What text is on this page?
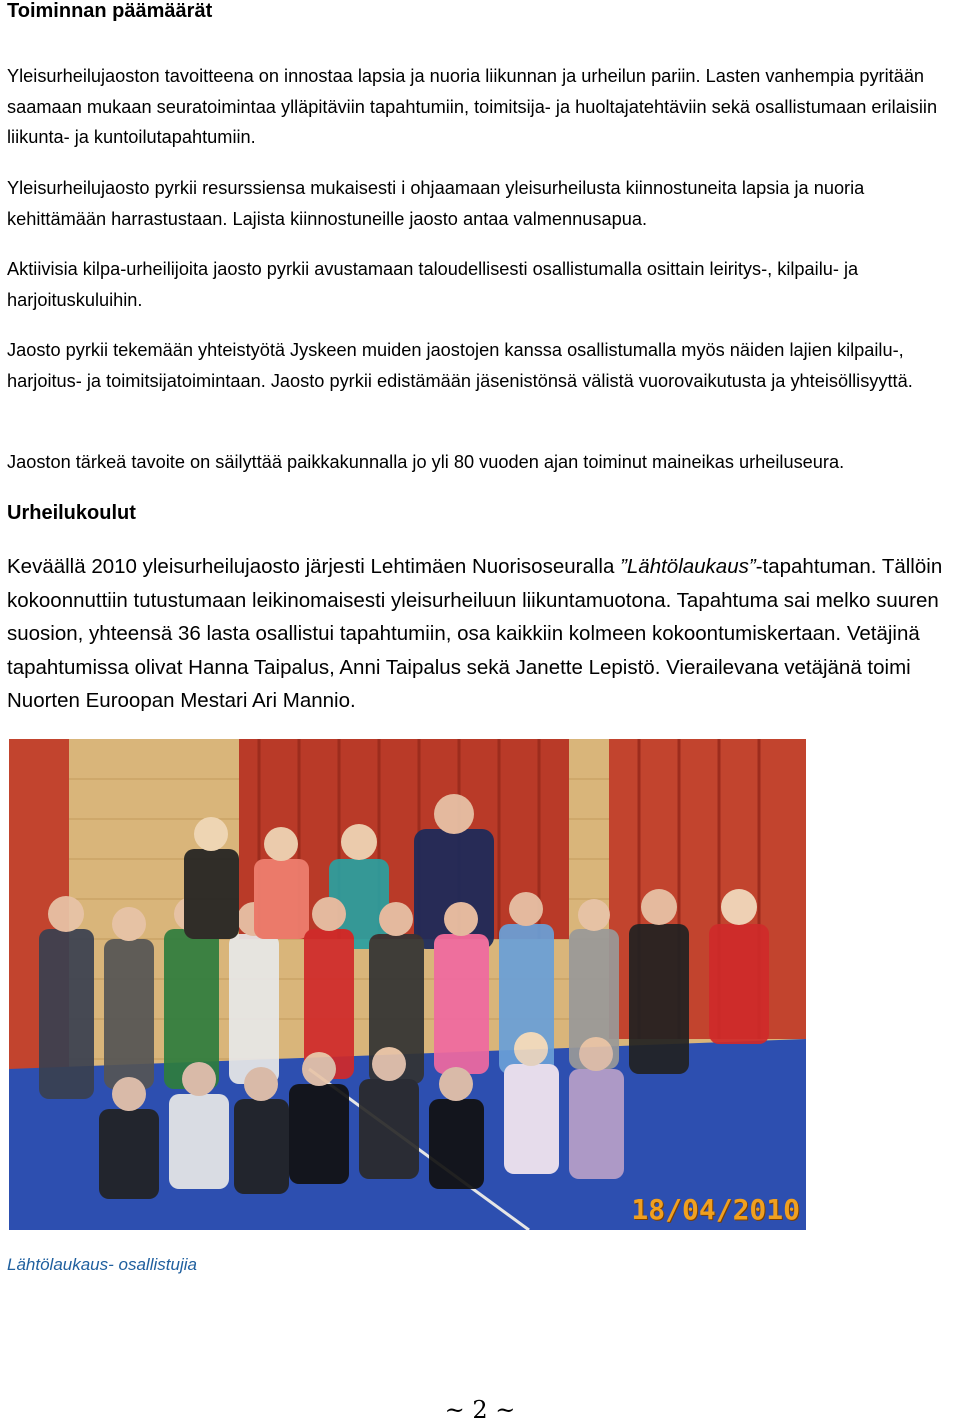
Toiminnan päämäärät

Yleisurheilujaoston tavoitteena on innostaa lapsia ja nuoria liikunnan ja urheilun pariin. Lasten vanhempia pyritään saamaan mukaan seuratoimintaa ylläpitäviin tapahtumiin, toimitsija- ja huoltajatehtäviin sekä osallistumaan erilaisiin liikunta- ja kuntoilutapahtumiin.

Yleisurheilujaosto pyrkii resurssiensa mukaisesti i ohjaamaan yleisurheilusta kiinnostuneita lapsia ja nuoria kehittämään harrastustaan. Lajista kiinnostuneille jaosto antaa valmennusapua.

Aktiivisia kilpa-urheilijoita jaosto pyrkii avustamaan taloudellisesti osallistumalla osittain leiritys-, kilpailu- ja harjoituskuluihin.

Jaosto pyrkii tekemään yhteistyötä Jyskeen muiden jaostojen kanssa osallistumalla myös näiden lajien kilpailu-, harjoitus- ja toimitsijatoimintaan. Jaosto pyrkii edistämään jäsenistönsä välistä vuorovaikutusta ja yhteisöllisyyttä.

Jaoston tärkeä tavoite on säilyttää paikkakunnalla jo yli 80 vuoden ajan toiminut maineikas urheiluseura.

Urheilukoulut

Keväällä 2010 yleisurheilujaosto järjesti Lehtimäen Nuorisoseuralla ”Lähtölaukaus”-tapahtuman. Tällöin kokoonnuttiin tutustumaan leikinomaisesti yleisurheiluun liikuntamuotona. Tapahtuma sai melko suuren suosion, yhteensä 36 lasta osallistui tapahtumiin, osa kaikkiin kolmeen kokoontumiskertaan. Vetäjinä tapahtumissa olivat Hanna Taipalus, Anni Taipalus sekä Janette Lepistö. Vierailevana vetäjänä toimi Nuorten Euroopan Mestari Ari Mannio.

18/04/2010

Lähtölaukaus- osallistujia

~ 2 ~
